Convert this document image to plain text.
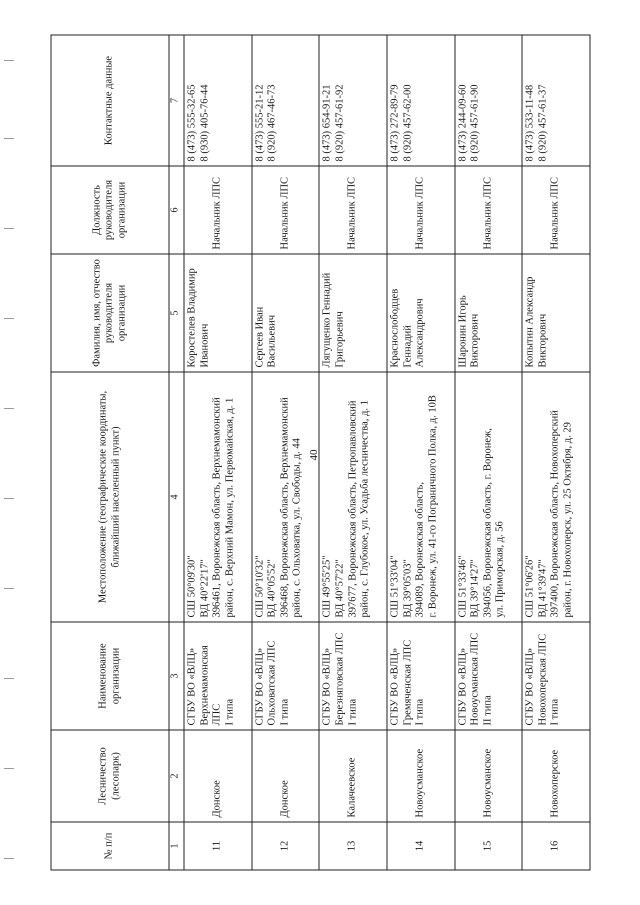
40
№ п/п	Лесничество (лесопарк)	Наименование организации	Местоположение (географические координаты, ближайший населенный пункт)	Фамилия, имя, отчество руководителя организации	Должность руководителя организации	Контактные данные
1	2	3	4	5	6	7
11	Донское	СГБУ ВО «ВЛЦ» Верхнемамонская ЛПС I типа	СШ 50°09'30" ВД 40°22'17" 396461, Воронежская область, Верхнемамонский район, с. Верхний Мамон, ул. Первомайская, д. 1	Коростелев Владимир Иванович	Начальник ЛПС	8 (473) 555-32-65 8 (930) 405-76-44

12	Донское	СГБУ ВО «ВЛЦ» Ольховатская ЛПС I типа	СШ 50°10'32" ВД 40°05'52" 396468, Воронежская область, Верхнемамонский район, с. Ольховатка, ул. Свободы, д. 44	Сергеев Иван Васильевич	Начальник ЛПС	8 (473) 555-21-12 8 (920) 467-46-73

13	Калачеевское	СГБУ ВО «ВЛЦ» Березняговская ЛПС I типа	СШ 49°55'25" ВД 40°57'22" 397677, Воронежская область, Петропавловский район, с. Глубокое, ул. Усадьба лесничества, д. 1	Лягущенко Геннадий Григорьевич	Начальник ЛПС	8 (473) 654-91-21 8 (920) 457-61-92

14	Новоусманское	СГБУ ВО «ВЛЦ» Гремяченская ЛПС I типа	СШ 51°33'04" ВД 39°05'03" 394089, Воронежская область, г. Воронеж, ул. 41-го Пограничного Полка, д. 10В	Краснослободцев Геннадий Александрович	Начальник ЛПС	8 (473) 272-89-79 8 (920) 457-62-00

15	Новоусманское	СГБУ ВО «ВЛЦ» Новоусманская ЛПС II типа	СШ 51°33'46" ВД 39°14'27" 394056, Воронежская область, г. Воронеж, ул. Приморская, д. 56	Шаронин Игорь Викторович	Начальник ЛПС	8 (473) 244-09-60 8 (920) 457-61-90

16	Новохоперское	СГБУ ВО «ВЛЦ» Новохоперская ЛПС I типа	СШ 51°06'26" ВД 41°39'47" 397400, Воронежская область, Новохоперский район, г. Новохоперск, ул. 25 Октября, д. 29	Копытин Александр Викторович	Начальник ЛПС	8 (473) 533-11-48 8 (920) 457-61-37
